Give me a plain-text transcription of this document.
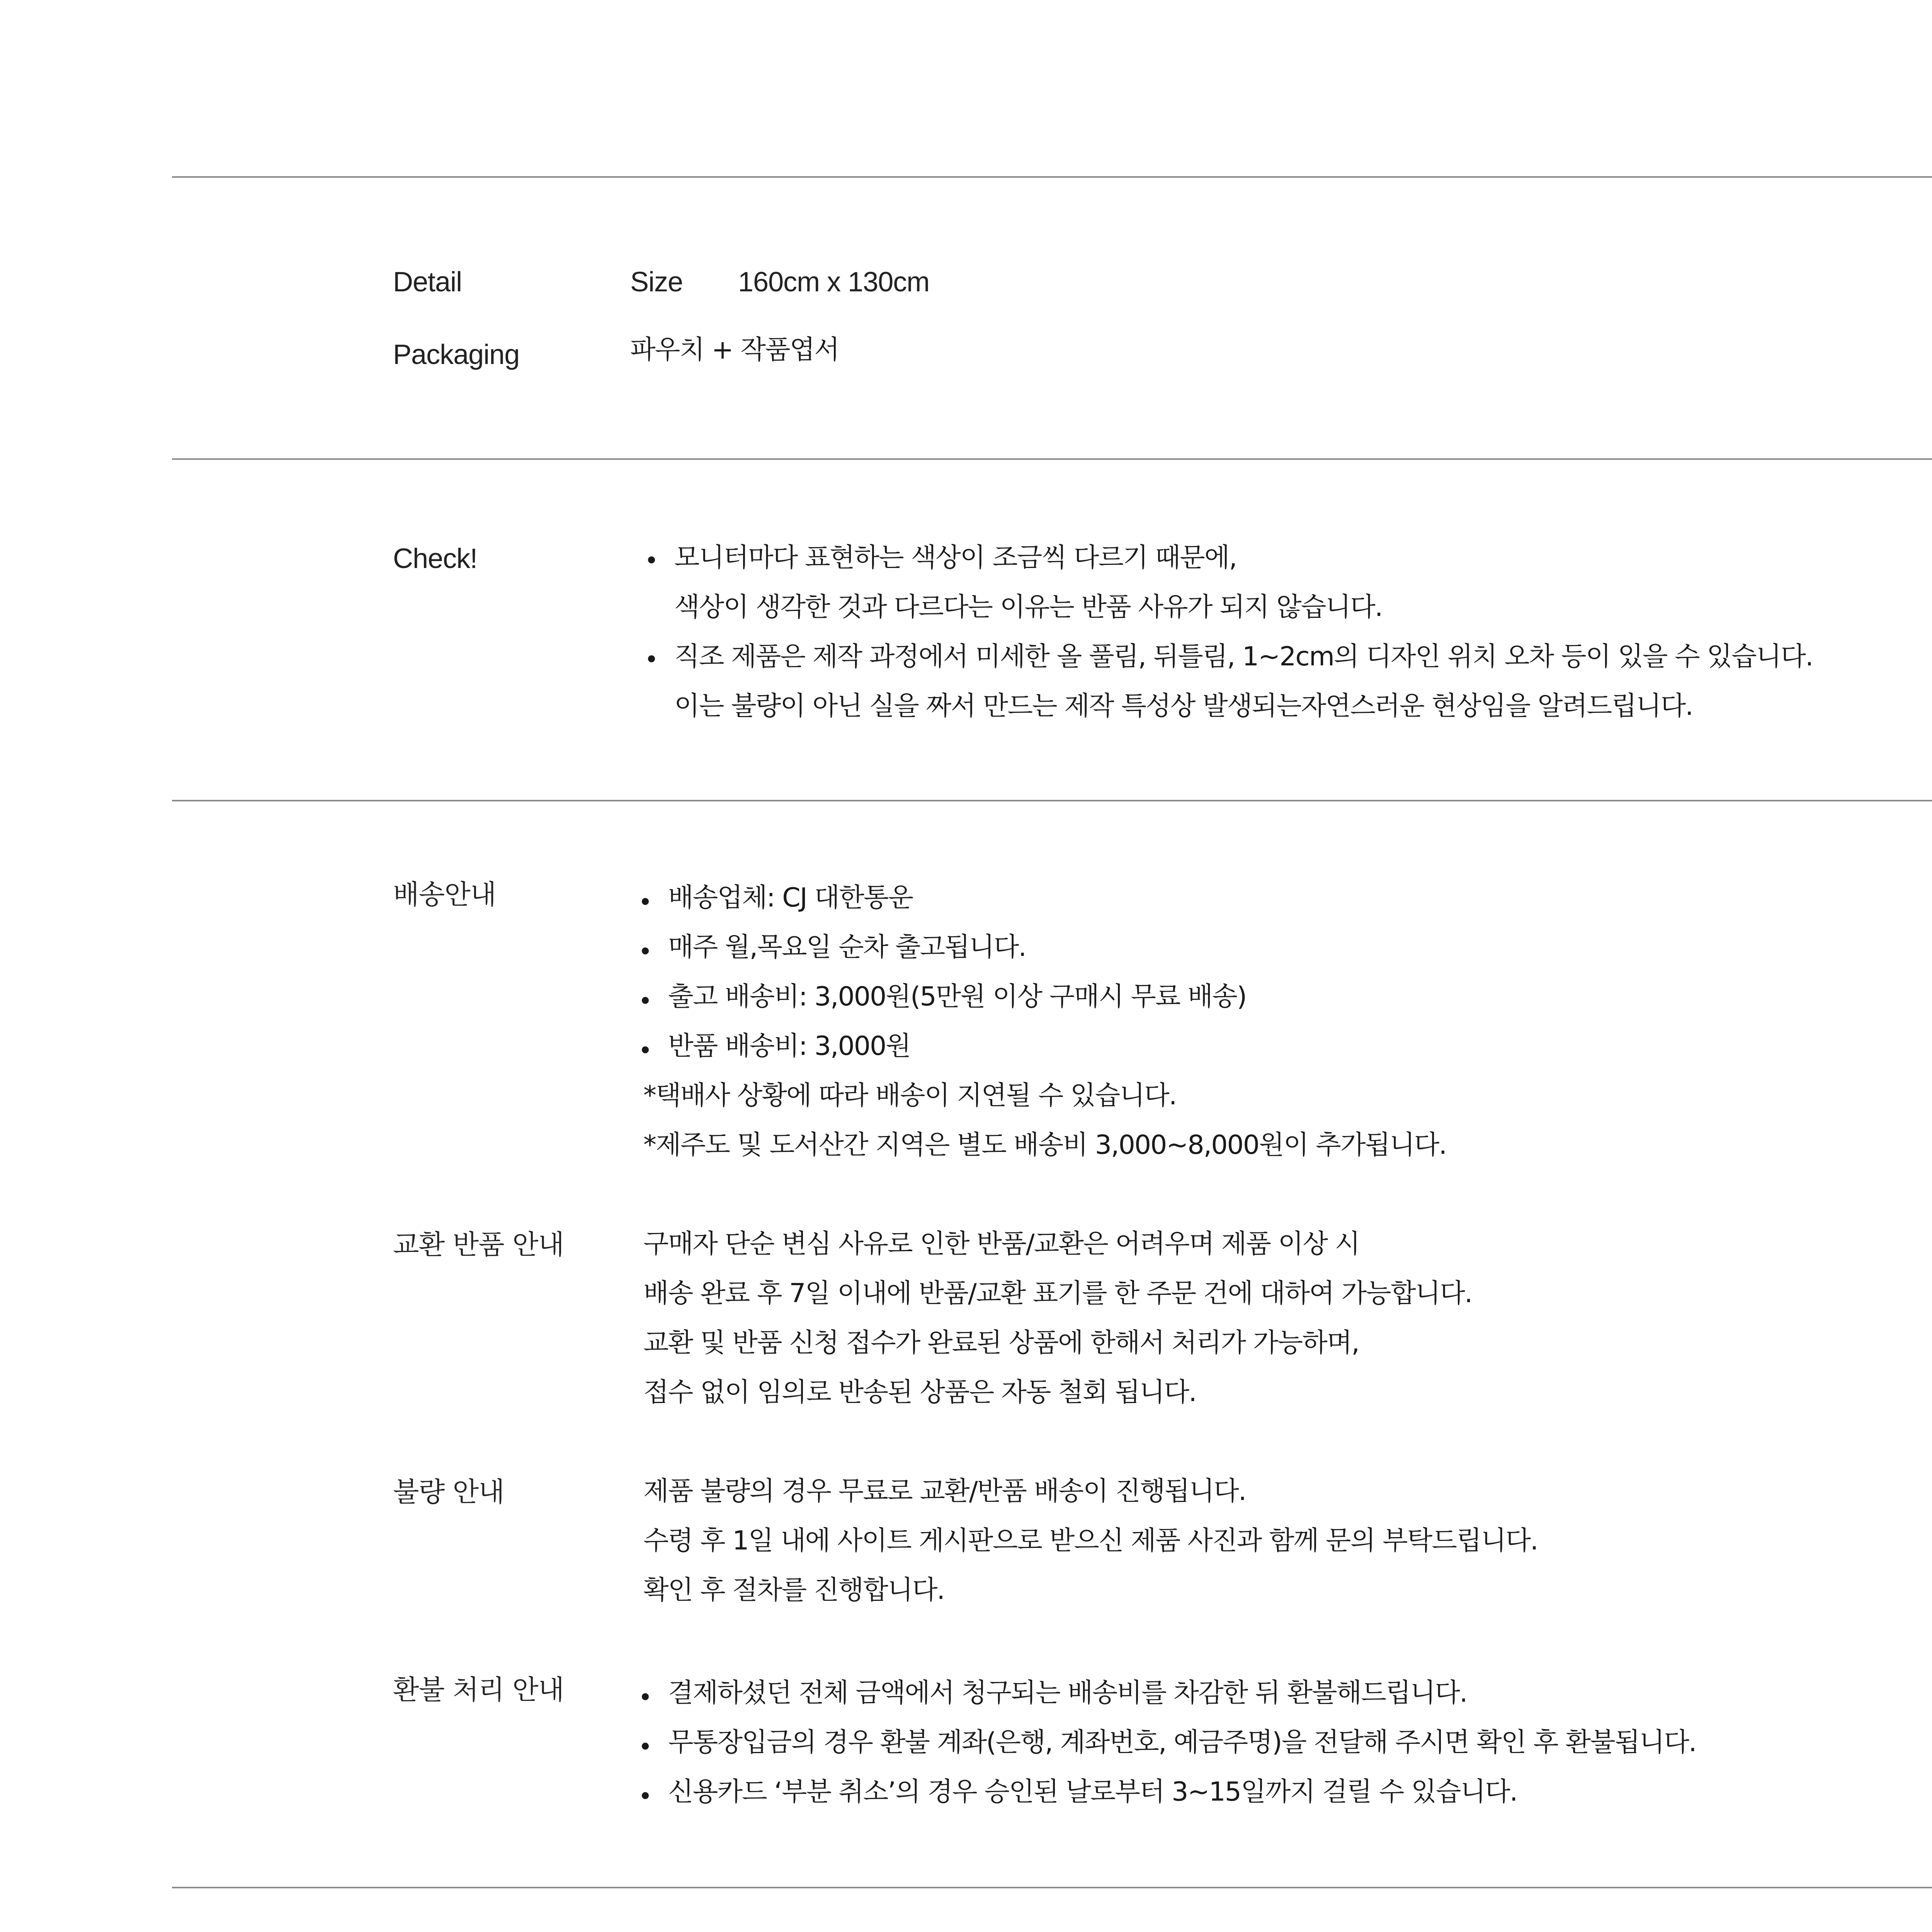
Detail	Size 160cm x 130cm
Packaging	파우치 + 작품엽서
Check!	모니터마다 표현하는 색상이 조금씩 다르기 때문에,
색상이 생각한 것과 다르다는 이유는 반품 사유가 되지 않습니다.
직조 제품은 제작 과정에서 미세한 올 풀림, 뒤틀림, 1~2cm의 디자인 위치 오차 등이 있을 수 있습니다.
이는 불량이 아닌 실을 짜서 만드는 제작 특성상 발생되는자연스러운 현상임을 알려드립니다.
배송안내	배송업체: CJ 대한통운
매주 월,목요일 순차 출고됩니다.
출고 배송비: 3,000원(5만원 이상 구매시 무료 배송)
반품 배송비: 3,000원
*택배사 상황에 따라 배송이 지연될 수 있습니다.
*제주도 및 도서산간 지역은 별도 배송비 3,000~8,000원이 추가됩니다.
교환 반품 안내	구매자 단순 변심 사유로 인한 반품/교환은 어려우며 제품 이상 시
배송 완료 후 7일 이내에 반품/교환 표기를 한 주문 건에 대하여 가능합니다.
교환 및 반품 신청 접수가 완료된 상품에 한해서 처리가 가능하며,
접수 없이 임의로 반송된 상품은 자동 철회 됩니다.
불량 안내	제품 불량의 경우 무료로 교환/반품 배송이 진행됩니다.
수령 후 1일 내에 사이트 게시판으로 받으신 제품 사진과 함께 문의 부탁드립니다.
확인 후 절차를 진행합니다.
환불 처리 안내	결제하셨던 전체 금액에서 청구되는 배송비를 차감한 뒤 환불해드립니다.
무통장입금의 경우 환불 계좌(은행, 계좌번호, 예금주명)을 전달해 주시면 확인 후 환불됩니다.
신용카드 ‘부분 취소’의 경우 승인된 날로부터 3~15일까지 걸릴 수 있습니다.
